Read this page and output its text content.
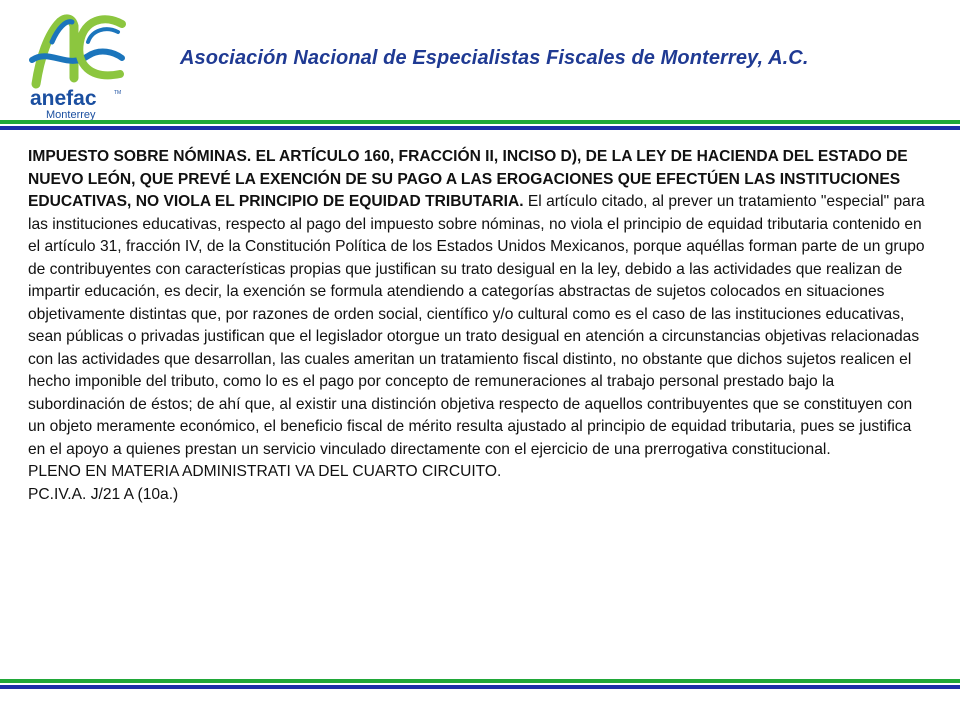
anefac	TM
Monterrey
Asociación Nacional de Especialistas Fiscales de Monterrey, A.C.

IMPUESTO SOBRE NÓMINAS. EL ARTÍCULO 160, FRACCIÓN II, INCISO D), DE LA LEY DE HACIENDA DEL ESTADO DE NUEVO LEÓN, QUE PREVÉ LA EXENCIÓN DE SU PAGO A LAS EROGACIONES QUE EFECTÚEN LAS INSTITUCIONES EDUCATIVAS, NO VIOLA EL PRINCIPIO DE EQUIDAD TRIBUTARIA. El artículo citado, al prever un tratamiento "especial" para las instituciones educativas, respecto al pago del impuesto sobre nóminas, no viola el principio de equidad tributaria contenido en el artículo 31, fracción IV, de la Constitución Política de los Estados Unidos Mexicanos, porque aquéllas forman parte de un grupo de contribuyentes con características propias que justifican su trato desigual en la ley, debido a las actividades que realizan de impartir educación, es decir, la exención se formula atendiendo a categorías abstractas de sujetos colocados en situaciones objetivamente distintas que, por razones de orden social, científico y/o cultural como es el caso de las instituciones educativas, sean públicas o privadas justifican que el legislador otorgue un trato desigual en atención a circunstancias objetivas relacionadas con las actividades que desarrollan, las cuales ameritan un tratamiento fiscal distinto, no obstante que dichos sujetos realicen el hecho imponible del tributo, como lo es el pago por concepto de remuneraciones al trabajo personal prestado bajo la subordinación de éstos; de ahí que, al existir una distinción objetiva respecto de aquellos contribuyentes que se constituyen con un objeto meramente económico, el beneficio fiscal de mérito resulta ajustado al principio de equidad tributaria, pues se justifica en el apoyo a quienes prestan un servicio vinculado directamente con el ejercicio de una prerrogativa constitucional.

PLENO EN MATERIA ADMINISTRATI VA DEL CUARTO CIRCUITO.

PC.IV.A. J/21 A (10a.)
